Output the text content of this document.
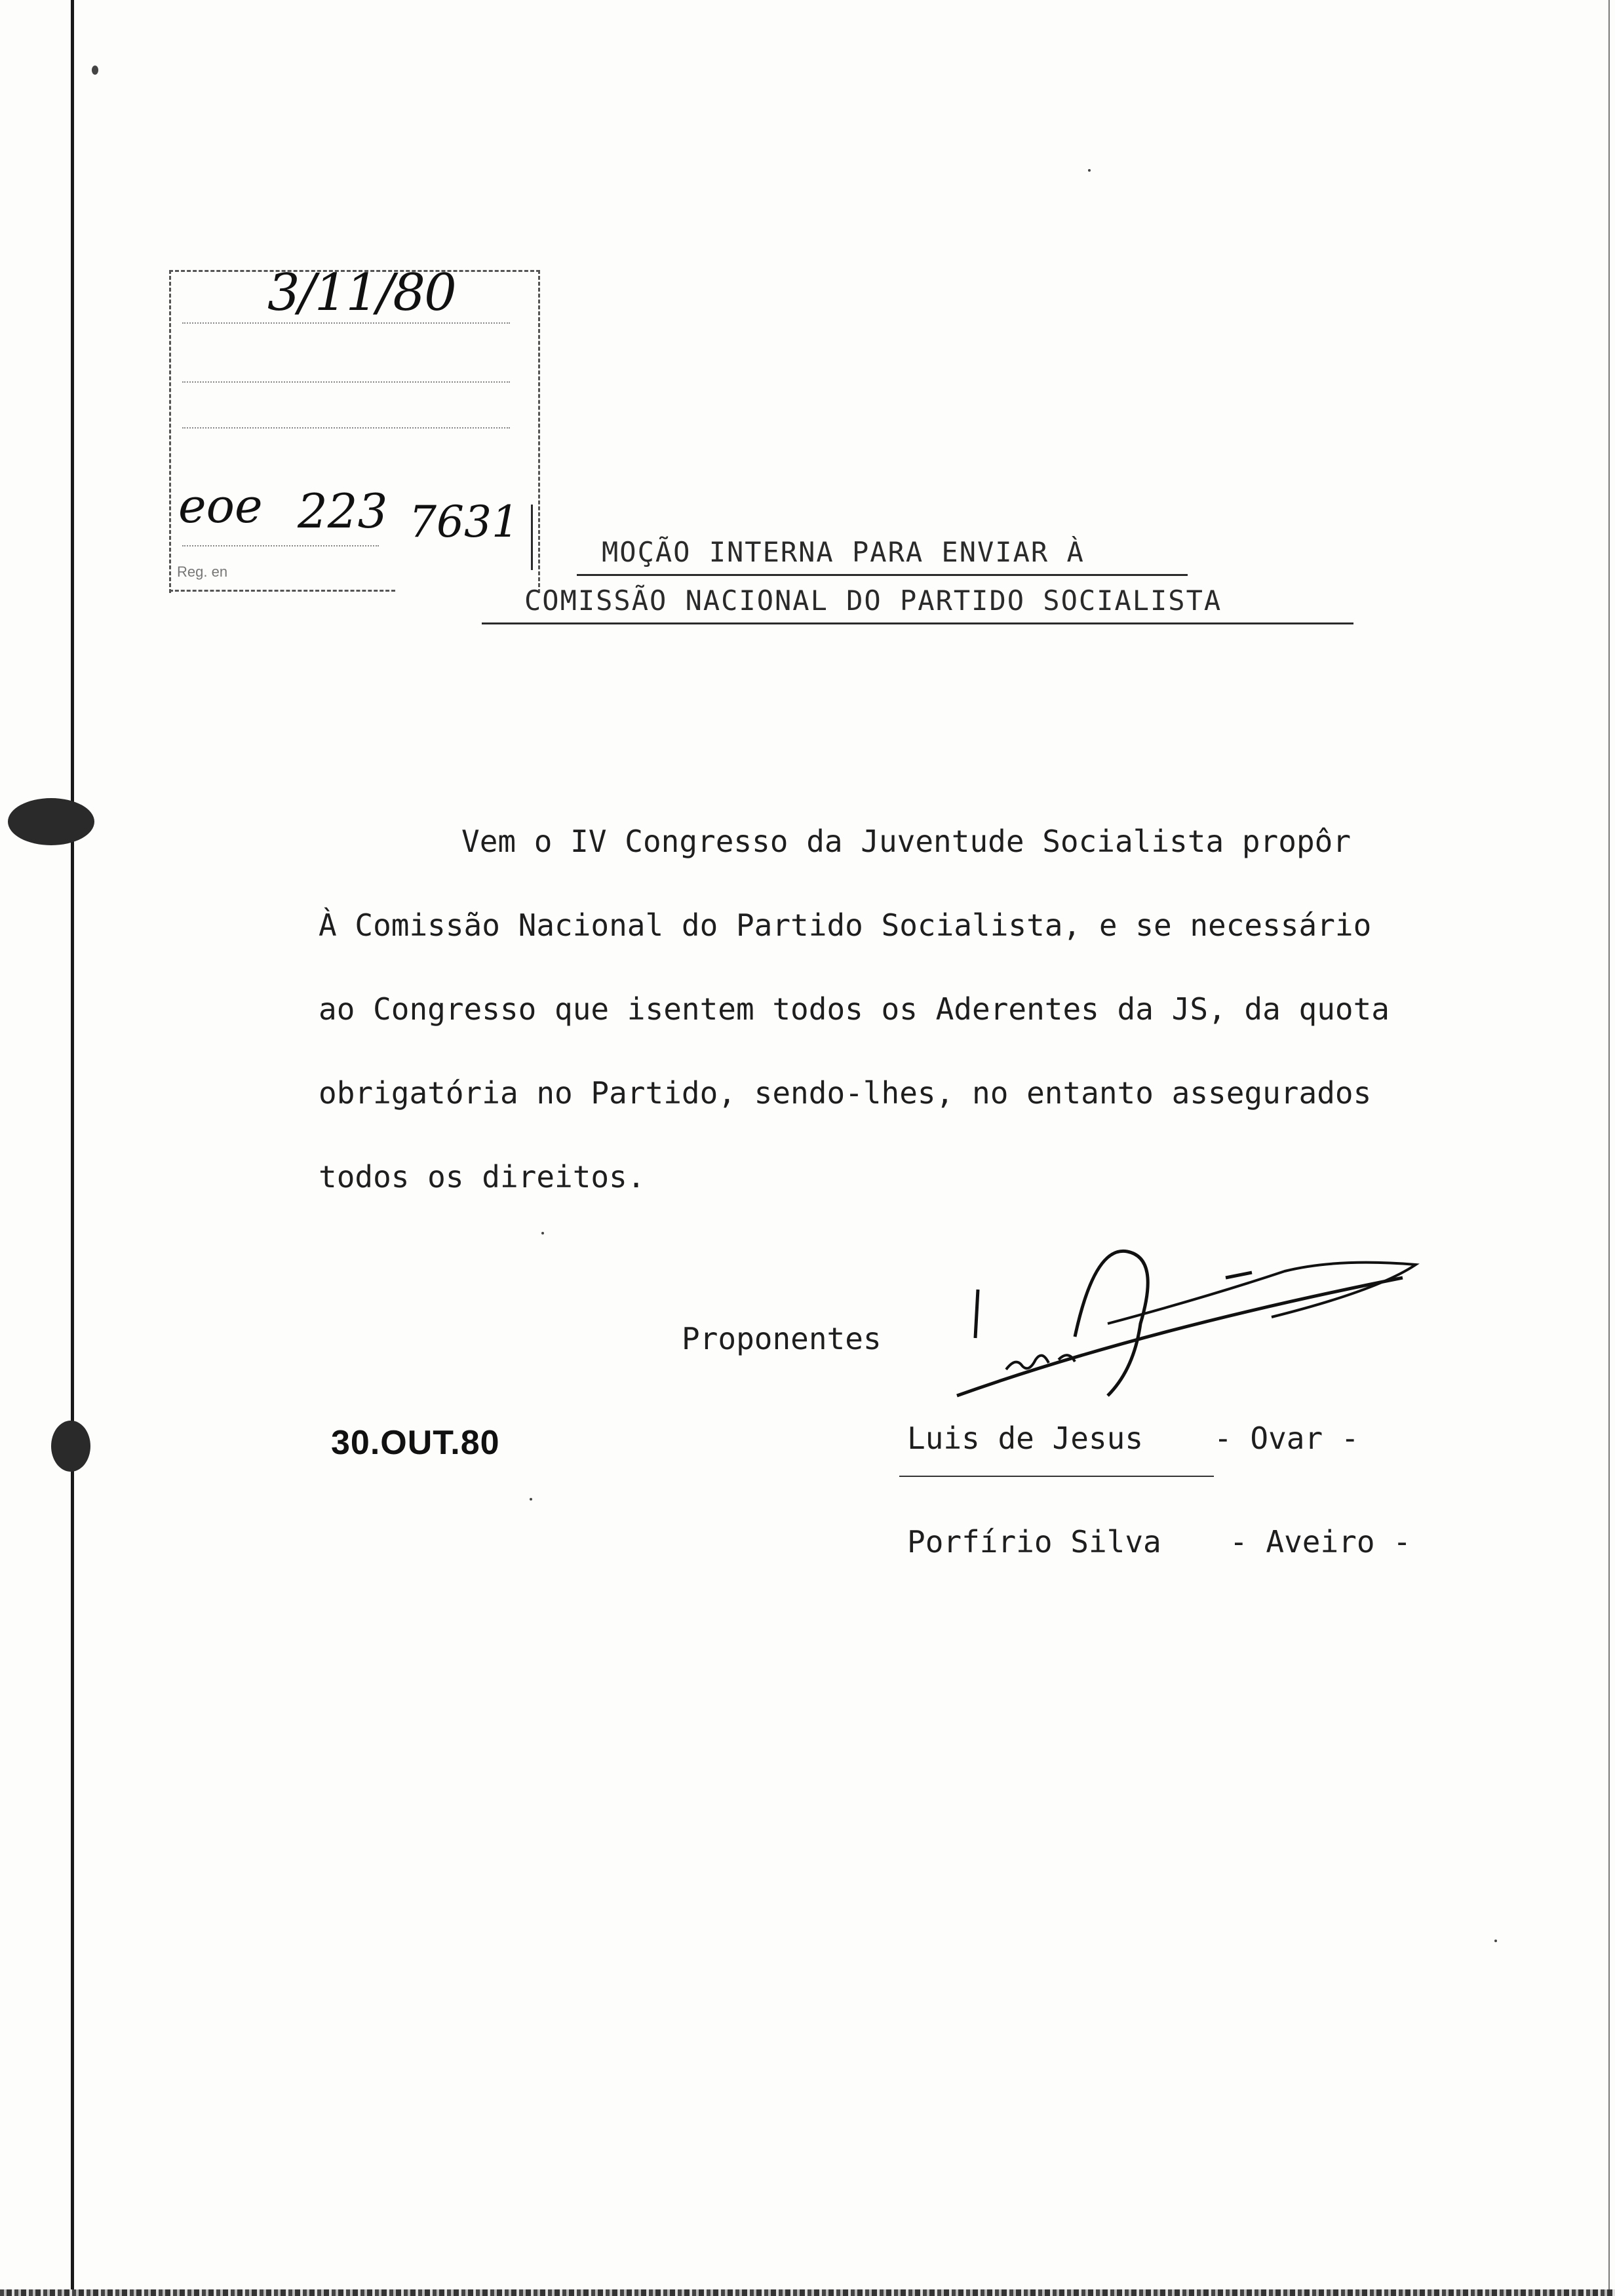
3/11/80
eoe 223 7631
Reg. en
MOÇÃO INTERNA PARA ENVIAR À
COMISSÃO NACIONAL DO PARTIDO SOCIALISTA
Vem o IV Congresso da Juventude Socialista propôr
À Comissão Nacional do Partido Socialista, e se necessário
ao Congresso que isentem todos os Aderentes da JS, da quota
obrigatória no Partido, sendo-lhes, no entanto assegurados
todos os direitos.
Proponentes
30.OUT.80	Luis de Jesus - Ovar -
Porfírio Silva - Aveiro -
